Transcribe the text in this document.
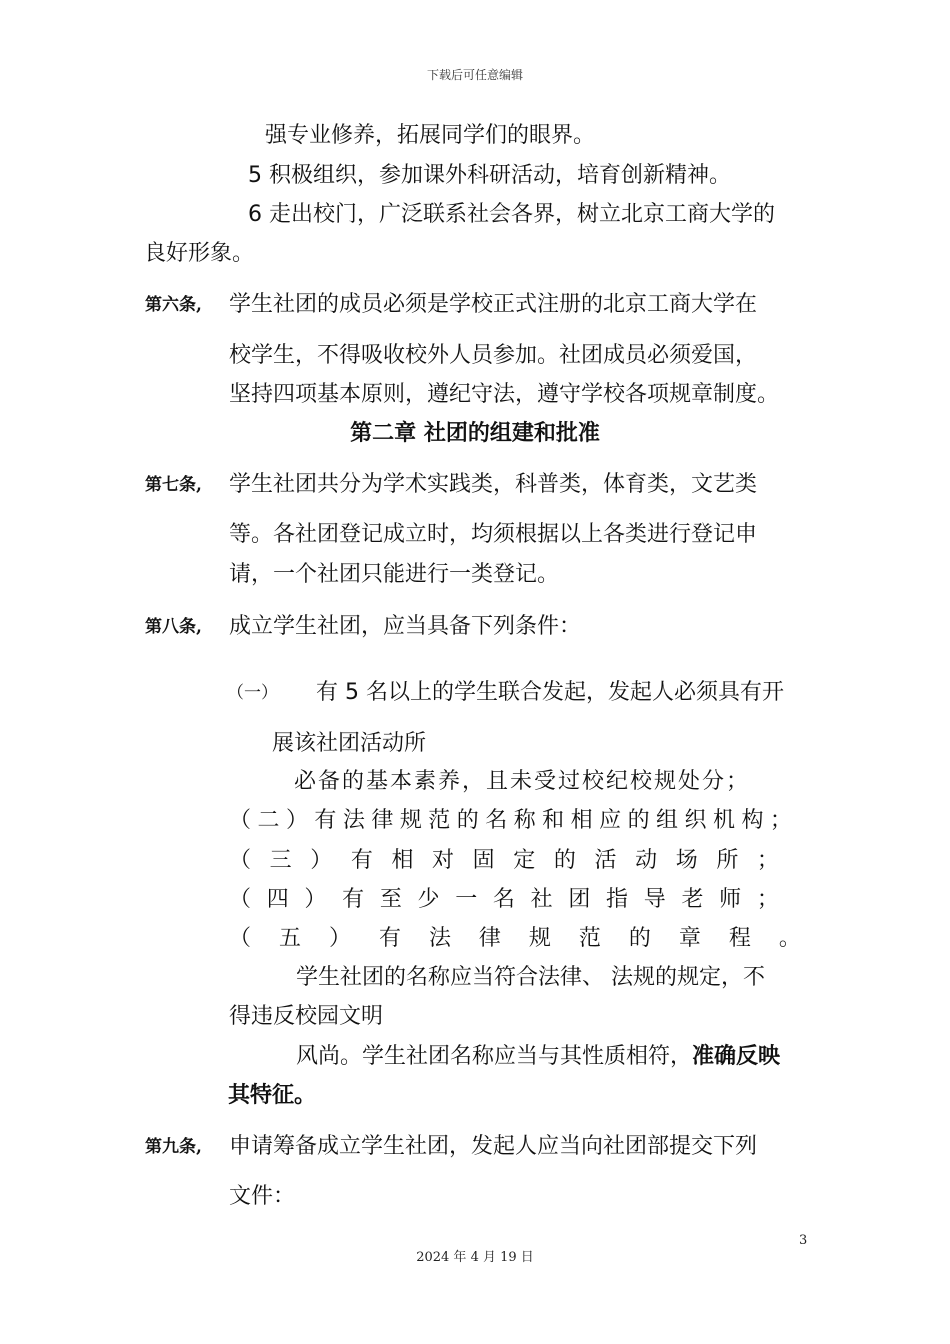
下载后可任意编辑
强专业修养，拓展同学们的眼界。
5 积极组织，参加课外科研活动，培育创新精神。
6 走出校门，广泛联系社会各界，树立北京工商大学的
良好形象。
第六条, 学生社团的成员必须是学校正式注册的北京工商大学在
校学生，不得吸收校外人员参加。社团成员必须爱国，
坚持四项基本原则，遵纪守法，遵守学校各项规章制度。
第二章 社团的组建和批准
第七条, 学生社团共分为学术实践类，科普类，体育类，文艺类
等。各社团登记成立时，均须根据以上各类进行登记申
请，一个社团只能进行一类登记。
第八条, 成立学生社团，应当具备下列条件：
（一） 有 5 名以上的学生联合发起，发起人必须具有开
展该社团活动所
必备的基本素养，且未受过校纪校规处分；
（ 二 ） 有 法 律 规 范 的 名 称 和 相 应 的 组 织 机 构 ；
（ 三 ） 有 相 对 固 定 的 活 动 场 所 ；
（ 四 ） 有 至 少 一 名 社 团 指 导 老 师 ；
（ 五 ） 有 法 律 规 范 的 章 程 。
学生社团的名称应当符合法律、 法规的规定，不
得违反校园文明
风尚。学生社团名称应当与其性质相符，准确反映
其特征。
第九条, 申请筹备成立学生社团，发起人应当向社团部提交下列
文件：
3
2024 年 4 月 19 日
